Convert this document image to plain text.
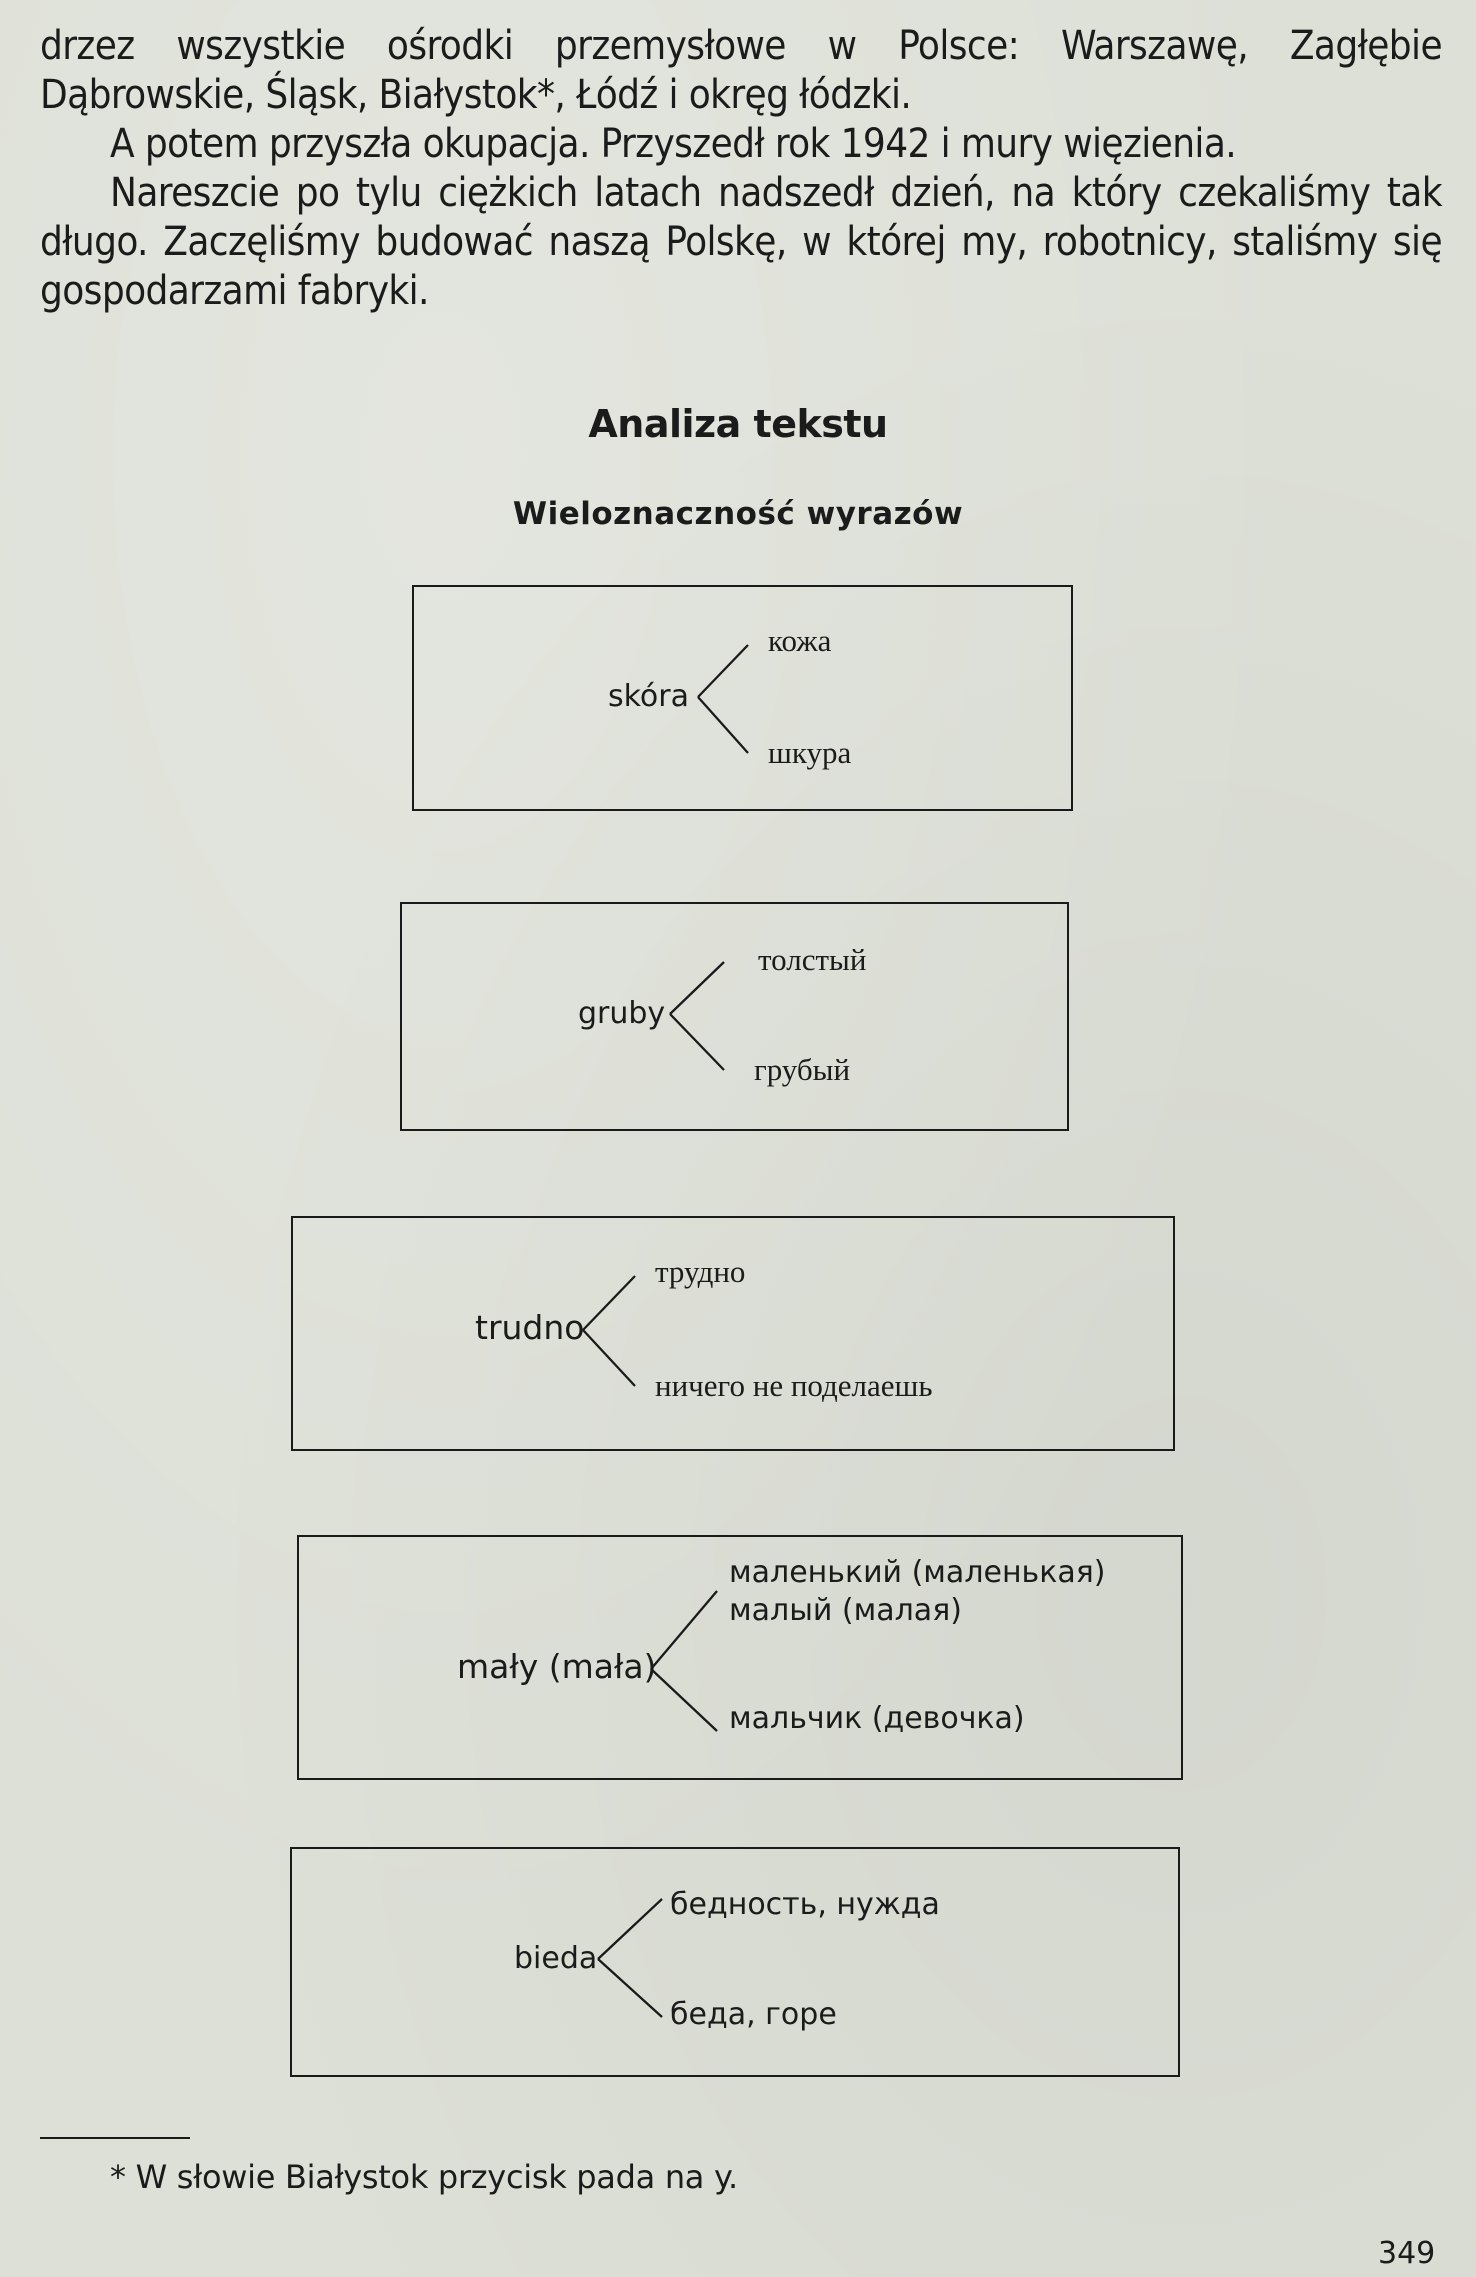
drzez wszystkie ośrodki przemysłowe w Polsce: Warszawę, Zagłębie Dąbrowskie, Śląsk, Białystok*, Łódź i okręg łódzki.

A potem przyszła okupacja. Przyszedł rok 1942 i mury więzienia.

Nareszcie po tylu ciężkich latach nadszedł dzień, na który czekaliśmy tak długo. Zaczęliśmy budować naszą Polskę, w której my, robotnicy, staliśmy się gospodarzami fabryki.

Analiza tekstu
Wieloznaczność wyrazów
skóra
кожа
шкура
gruby
толстый
грубый
trudno
трудно
ничего не поделаешь
mały (mała)
маленький (маленькая)
малый (малая)
мальчик (девочка)
bieda
бедность, нужда
беда, горе

* W słowie Białystok przycisk pada na y.

349
